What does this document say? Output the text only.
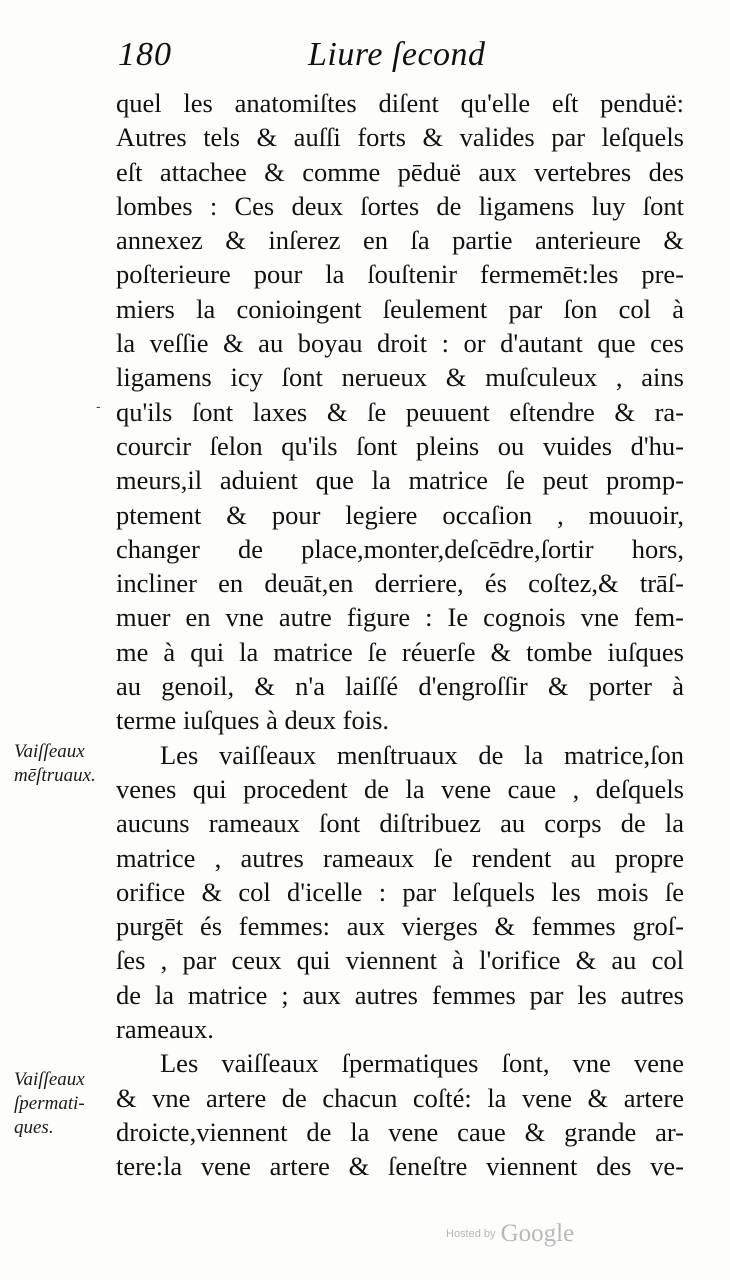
180	Liure ſecond
quel les anatomiſtes diſent qu'elle eſt penduë:
Autres tels & auſſi forts & valides par leſquels
eſt attachee & comme pēduë aux vertebres des
lombes : Ces deux ſortes de ligamens luy ſont
annexez & inſerez en ſa partie anterieure &
poſterieure pour la ſouſtenir fermemēt:les pre-
miers la conioingent ſeulement par ſon col à
la veſſie & au boyau droit : or d'autant que ces
ligamens icy ſont nerueux & muſculeux , ains
qu'ils ſont laxes & ſe peuuent eſtendre & ra-
courcir ſelon qu'ils ſont pleins ou vuides d'hu-
meurs,il aduient que la matrice ſe peut promp-
ptement & pour legiere occaſion , mouuoir,
changer de place,monter,deſcēdre,ſortir hors,
incliner en deuāt,en derriere, és coſtez,& trāſ-
muer en vne autre figure : Ie cognois vne fem-
me à qui la matrice ſe réuerſe & tombe iuſques
au genoil, & n'a laiſſé d'engroſſir & porter à
terme iuſques à deux fois.
Les vaiſſeaux menſtruaux de la matrice,ſon
venes qui procedent de la vene caue , deſquels
aucuns rameaux ſont diſtribuez au corps de la
matrice , autres rameaux ſe rendent au propre
orifice & col d'icelle : par leſquels les mois ſe
purgēt és femmes: aux vierges & femmes groſ-
ſes , par ceux qui viennent à l'orifice & au col
de la matrice ; aux autres femmes par les autres
rameaux.
Les vaiſſeaux ſpermatiques ſont, vne vene
& vne artere de chacun coſté: la vene & artere
droicte,viennent de la vene caue & grande ar-
tere:la vene artere & ſeneſtre viennent des ve-
Vaiſſeaux
mēſtruaux.
Vaiſſeaux
ſpermati-
ques.
-
Hosted by Google
